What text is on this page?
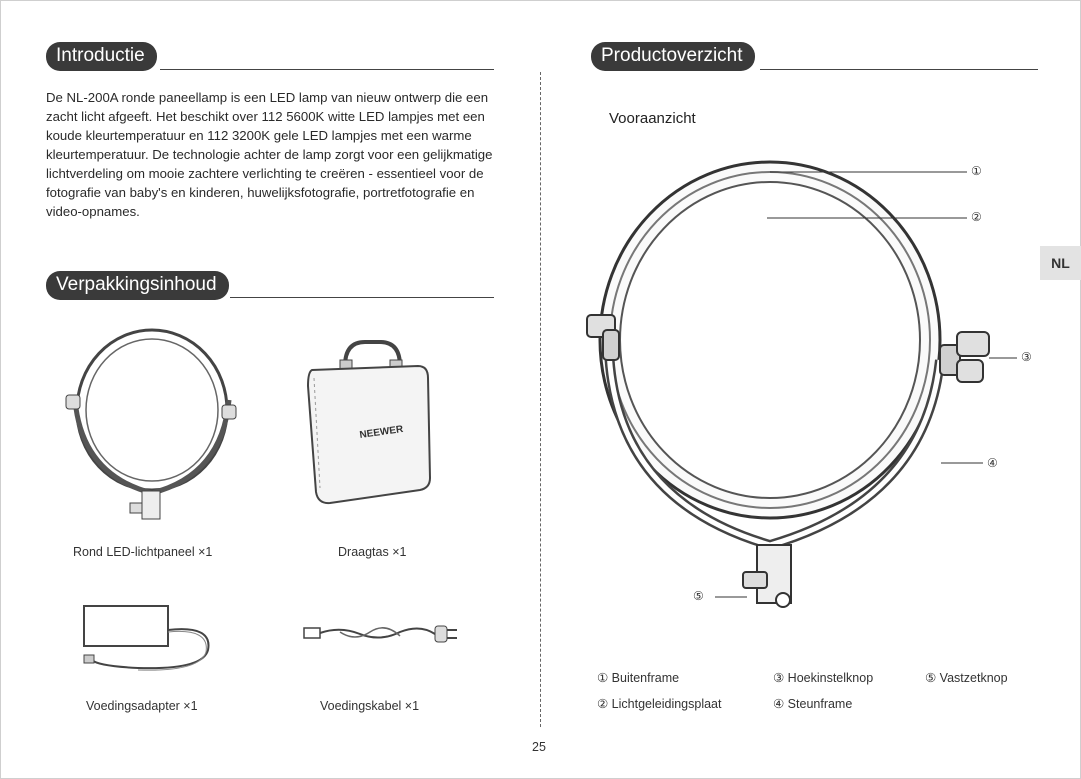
Introductie

De NL-200A ronde paneellamp is een LED lamp van nieuw ontwerp die een zacht licht afgeeft. Het beschikt over 112 5600K witte LED lampjes met een koude kleurtemperatuur en 112 3200K gele LED lampjes met een warme kleurtemperatuur. De technologie achter de lamp zorgt voor een gelijkmatige lichtverdeling om mooie zachtere verlichting te creëren - essentieel voor de fotografie van baby's en kinderen, huwelijksfotografie, portretfotografie en video-opnames.

Verpakkingsinhoud
NEEWER
Rond LED-lichtpaneel ×1	Draagtas ×1
Voedingsadapter ×1	Voedingskabel ×1
Productoverzicht
Vooraanzicht
①
②
③
④
⑤
① Buitenframe
② Lichtgeleidingsplaat
③ Hoekinstelknop
④ Steunframe
⑤ Vastzetknop
NL
25
